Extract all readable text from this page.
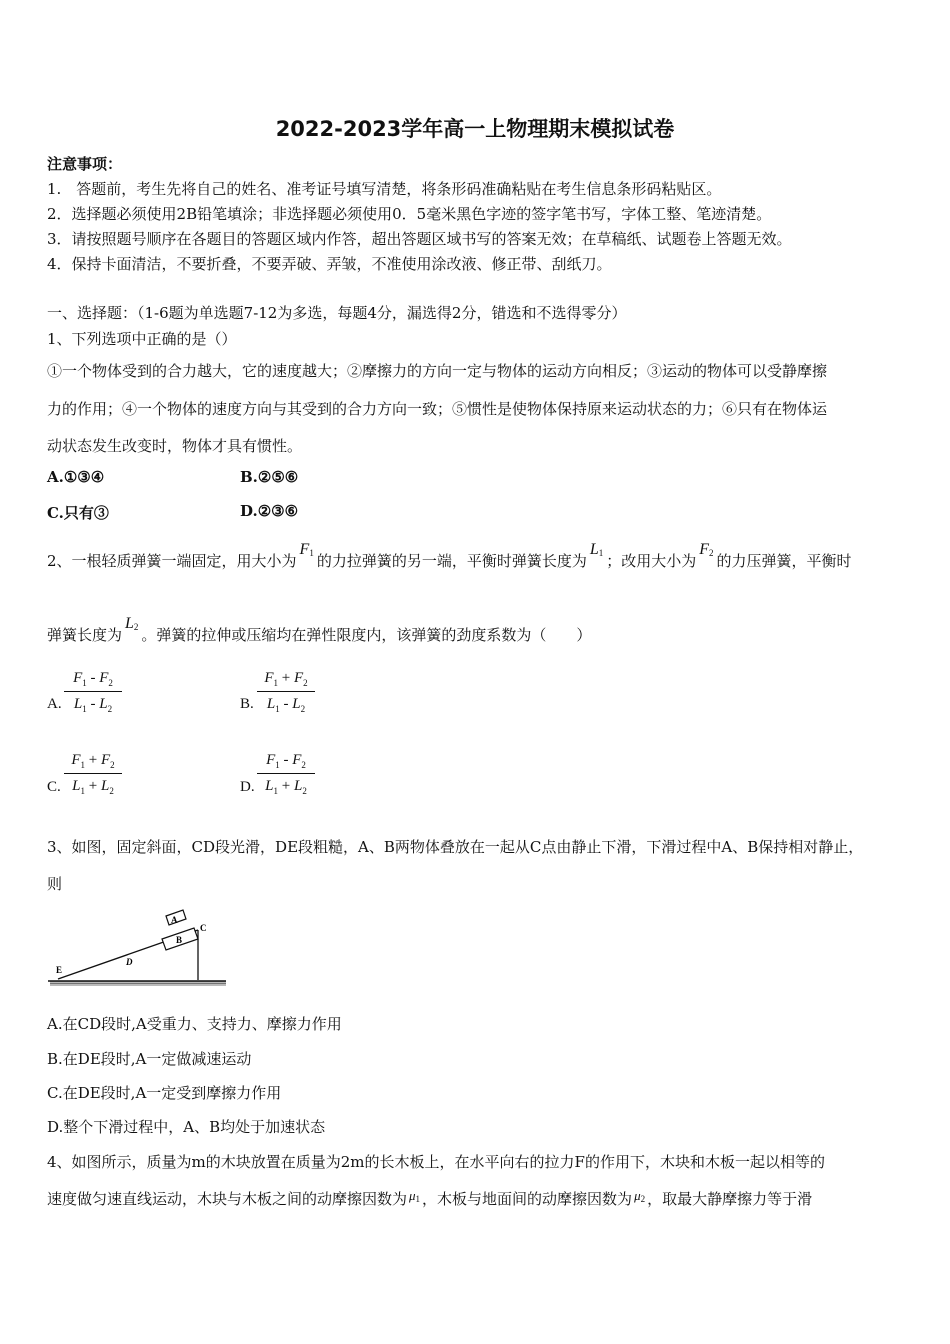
2022-2023学年高一上物理期末模拟试卷
注意事项：
1.　答题前，考生先将自己的姓名、准考证号填写清楚，将条形码准确粘贴在考生信息条形码粘贴区。
2．选择题必须使用2B铅笔填涂；非选择题必须使用0．5毫米黑色字迹的签字笔书写，字体工整、笔迹清楚。
3．请按照题号顺序在各题目的答题区域内作答，超出答题区域书写的答案无效；在草稿纸、试题卷上答题无效。
4．保持卡面清洁，不要折叠，不要弄破、弄皱，不准使用涂改液、修正带、刮纸刀。
一、选择题：（1-6题为单选题7-12为多选，每题4分，漏选得2分，错选和不选得零分）
1、下列选项中正确的是（）
①一个物体受到的合力越大，它的速度越大；②摩擦力的方向一定与物体的运动方向相反；③运动的物体可以受静摩擦
力的作用；④一个物体的速度方向与其受到的合力方向一致；⑤惯性是使物体保持原来运动状态的力；⑥只有在物体运
动状态发生改变时，物体才具有惯性。
A.①③④	B.②⑤⑥
C.只有③	D.②③⑥
2、一根轻质弹簧一端固定，用大小为$F_1$ 的力拉弹簧的另一端，平衡时弹簧长度为$L_1$ ；改用大小为$F_2$ 的力压弹簧，平衡时
弹簧长度为$L_2$ 。弹簧的拉伸或压缩均在弹性限度内，该弹簧的劲度系数为（　　）
A.
$F_1 - F_2$
$L_1 - L_2$	B.
$F_1 + F_2$
$L_1 - L_2$
C.
$F_1 + F_2$
$L_1 + L_2$	D.
$F_1 - F_2$
$L_1 + L_2$
3、如图，固定斜面，CD段光滑，DE段粗糙，A、B两物体叠放在一起从C点由静止下滑，下滑过程中A、B保持相对静止，
则
A
B
C
D
E
A.在CD段时,A受重力、支持力、摩擦力作用
B.在DE段时,A一定做减速运动
C.在DE段时,A一定受到摩擦力作用
D.整个下滑过程中，A、B均处于加速状态
4、如图所示，质量为m的木块放置在质量为2m的长木板上，在水平向右的拉力F的作用下，木块和木板一起以相等的
速度做匀速直线运动，木块与木板之间的动摩擦因数为 $\mu_1$ ，木板与地面间的动摩擦因数为 $\mu_2$ ，取最大静摩擦力等于滑
